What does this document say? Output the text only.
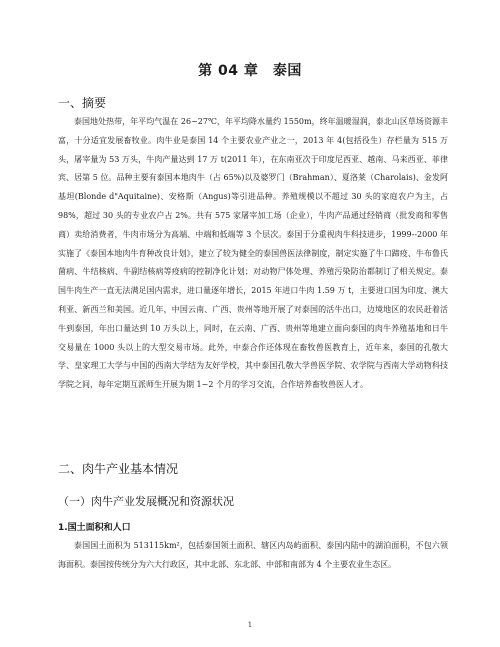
第 04 章　泰国
一、摘要
泰国地处热带，年平均气温在 26~27℃，年平均降水量约 1550m，终年温暖湿润，泰北山区草场资源丰富，十分适宜发展畜牧业。肉牛业是泰国 14 个主要农业产业之一，2013 年 4(包括役生）存栏量为 515 万头，屠宰量为 53 万头，牛肉产量达到 17 万 t(2011 年），在东南亚次于印度尼西亚、越南、马来西亚、菲律宾、居第 5 位。品种主要有泰国本地肉牛（占 65%)以及婆罗门（Brahman）、夏洛莱（Charolais)、金发阿基坦(Blonde d"Aquitaine)、安格斯（Angus)等引进品种。养殖规模以不超过 30 头的家庭农户为主，占 98%，超过 30 头的专业农户占 2%。共有 575 家屠宰加工场（企业），牛肉产品通过经销商（批发商和零售商）卖给消费者，牛肉市场分为高端、中端和低端等 3 个层次。泰国于分重视肉牛科技进步，1999--2000 年实施了《泰国本地肉牛育种改良计划》，建立了较为健全的泰国兽医法律制度，制定实施了牛口蹄疫、牛布鲁氏菌病、牛结核病、牛副结核病等疫病的控制净化计划；对动物尸体处理、养殖污染防治都制订了相关规定。泰国牛肉生产一直无法满足国内需求，进口量逐年增长，2015 年进口牛肉 1.59 万 t，主要进口国为印度、澳大利亚、新西兰和美国。近几年，中国云南、广西、贵州等地开展了对泰国的活牛出口，边境地区的农民赶着活牛到泰国，年出口量达到 10 万头以上，同时，在云南、广西、贵州等地建立面向泰国的肉牛养殖基地和日牛交易量在 1000 头以上的大型交易市场。此外，中泰合作还体现在畜牧兽医教育上，近年来，泰国的孔敬大学、皇家理工大学与中国的西南大学结为友好学校，其中泰国孔敬大学兽医学院、农学院与西南大学动物科技学院之间，每年定期互派师生开展为期 1~2 个月的学习交流，合作培养畜牧兽医人才。
二、肉牛产业基本情况
（一）肉牛产业发展概况和资源状况
1.国土面积和人口
泰国国土面积为 513115km²，包括泰国领土面积、辖区内岛屿面积、泰国内陆中的湖泊面积，不包六领海面积。泰国按传统分为六大行政区，其中北部、东北部、中部和南部为 4 个主要农业生态区。
1
